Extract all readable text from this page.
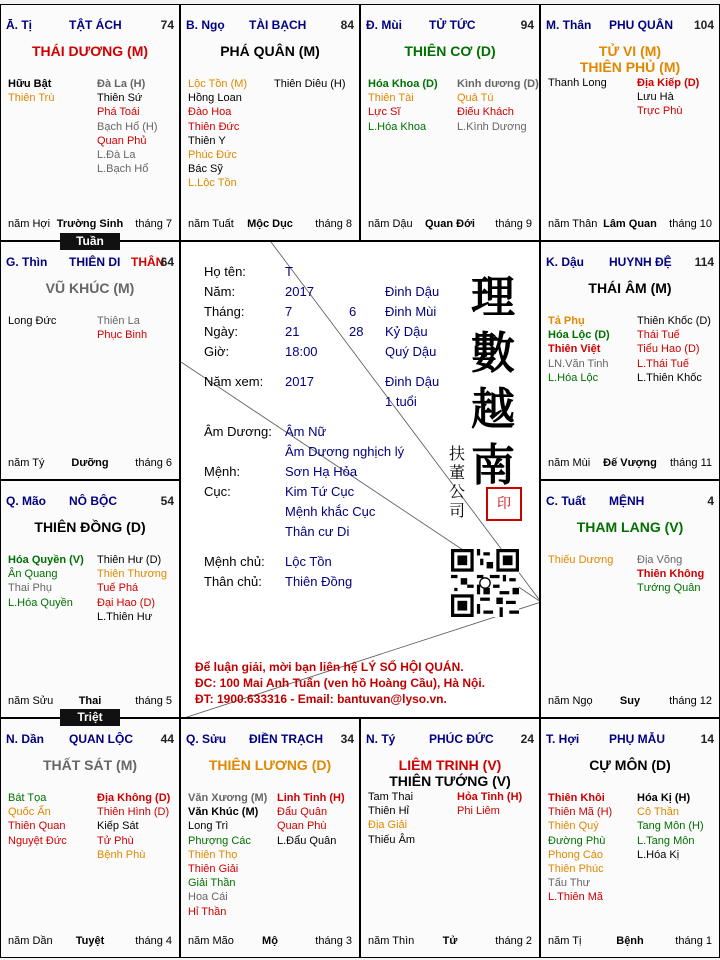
Ā. Tị	TẬT ÁCH	74
THÁI DƯƠNG (M)
Hữu Bật
Thiên Trù
Đà La (H)
Thiên Sứ
Phá Toái
Bạch Hổ (H)
Quan Phủ
L.Đà La
L.Bạch Hổ
năm Hợi Trường Sinh	tháng 7
B. Ngọ TÀI BẠCH	84
PHÁ QUÂN (M)
Lộc Tồn (M)
Hồng Loan
Đào Hoa
Thiên Đức
Thiên Y
Phúc Đức
Bác Sỹ
L.Lộc Tồn
Thiên Diêu (H)
năm Tuất	Mộc Dục	tháng 8
Đ. Mùi TỬ TỨC	94
THIÊN CƠ (D)
Hóa Khoa (D)
Thiên Tài
Lực Sĩ
L.Hóa Khoa
Kình dương (D)
Quả Tú
Điếu Khách
L.Kình Dương
năm Dậu	Quan Đới	tháng 9
M. Thân PHU QUÂN 104
TỬ VI (M)
THIÊN PHỦ (M)
Thanh Long	Địa Kiếp (D)
Lưu Hà
Trực Phù
năm Thân Lâm Quan	tháng 10
G. Thìn THIÊN DI THÂN
64
VŨ KHÚC (M)
Long Đức	Thiên La
Phục Binh
năm Tý	Dưỡng	tháng 6
K. Dậu HUYNH ĐỆ 114
THÁI ÂM (M)
Tả Phụ
Hóa Lộc (D)
Thiên Việt
LN.Văn Tinh
L.Hóa Lộc
Thiên Khốc (D)
Thái Tuế
Tiểu Hao (D)
L.Thái Tuế
L.Thiên Khốc
năm Mùi	Đế Vượng	tháng 11
Q. Mão NÔ BỘC	54
THIÊN ĐỒNG (D)
Hóa Quyền (V)
Ân Quang
Thai Phụ
L.Hóa Quyền
Thiên Hư (D)
Thiên Thương
Tuế Phá
Đại Hao (D)
L.Thiên Hư
năm Sửu	Thai	tháng 5
C. Tuất MỆNH	4
THAM LANG (V)
Thiếu Dương Địa Võng
Thiên Không
Tướng Quân
năm Ngọ	Suy	tháng 12
N. Dần QUAN LỘC 44
THẤT SÁT (M)
Bát Tọa
Quốc Ấn
Thiên Quan
Nguyệt Đức
Địa Không (D)
Thiên Hình (D)
Kiếp Sát
Tử Phù
Bệnh Phù
năm Dần	Tuyệt	tháng 4
Q. Sửu ĐIỀN TRẠCH 34
THIÊN LƯƠNG (D)
Văn Xương (M)
Văn Khúc (M)
Long Trì
Phượng Các
Thiên Thọ
Thiên Giải
Giải Thần
Hoa Cái
Hỉ Thần
Linh Tinh (H)
Đẩu Quân
Quan Phù
L.Đẩu Quân
năm Mão	Mộ	tháng 3
N. Tý	PHÚC ĐỨC 24
LIÊM TRINH (V)
THIÊN TƯỚNG (V)
Tam Thai
Thiên Hỉ
Địa Giải
Thiếu Âm
Hỏa Tinh (H)
Phi Liêm
năm Thìn	Tử	tháng 2
T. Hợi PHỤ MẪU	14
CỰ MÔN (D)
Thiên Khôi
Thiên Mã (H)
Thiên Quý
Đường Phù
Phong Cáo
Thiên Phúc
Tấu Thư
L.Thiên Mã
Hóa Kị (H)
Cô Thần
Tang Môn (H)
L.Tang Môn
L.Hóa Kị
năm Tị	Bệnh	tháng 1
Tuần
Triệt
Họ tên:	T
Năm:	2017	Đinh Dậu
Tháng:	7	6 Đinh Mùi
Ngày:	21	28 Kỷ Dậu
Giờ:	18:00	Quý Dậu
Năm xem: 2017	Đinh Dậu
1 tuổi
Âm Dương: Âm Nữ
Âm Dương nghịch lý
Mệnh:	Sơn Hạ Hỏa
Cục:	Kim Tứ Cục
Mệnh khắc Cục
Thân cư Di
Mệnh chủ: Lộc Tồn
Thân chủ: Thiên Đồng
理
數
越
南
扶
董
公
司	印
Để luận giải, mời bạn liên hệ LÝ SỐ HỘI QUÁN.
ĐC: 100 Mai Anh Tuấn (ven hồ Hoàng Cầu), Hà Nội.
ĐT: 1900.633316 - Email: bantuvan@lyso.vn.
